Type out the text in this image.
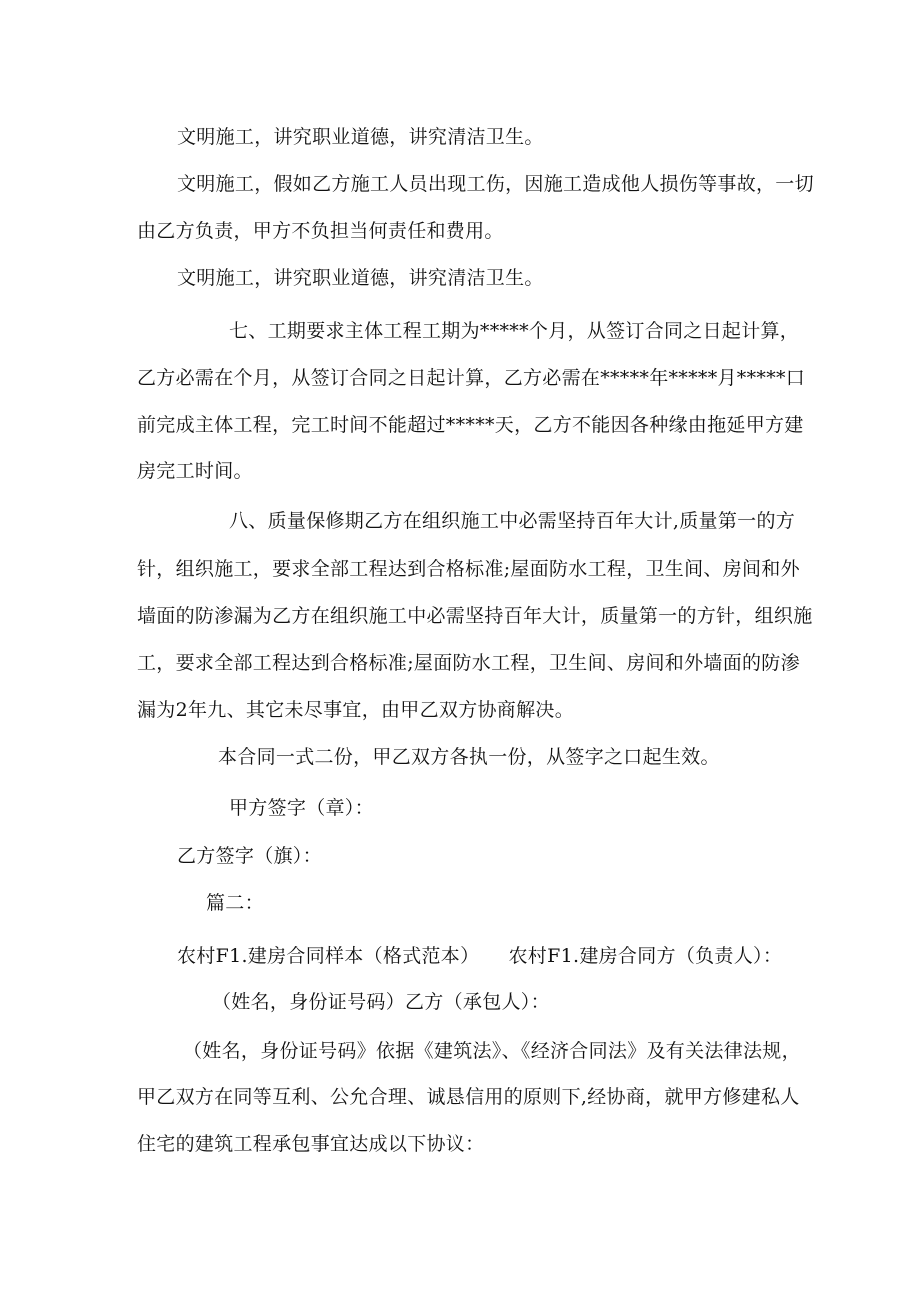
文明施工，讲究职业道德，讲究清洁卫生。
文明施工，假如乙方施工人员出现工伤，因施工造成他人损伤等事故，一切
由乙方负责，甲方不负担当何责任和费用。
文明施工，讲究职业道德，讲究清洁卫生。
七、工期要求主体工程工期为*****个月，从签订合同之日起计算，
乙方必需在个月，从签订合同之日起计算，乙方必需在*****年*****月*****口
前完成主体工程，完工时间不能超过*****天，乙方不能因各种缘由拖延甲方建
房完工时间。
八、质量保修期乙方在组织施工中必需坚持百年大计,质量第一的方
针，组织施工，要求全部工程达到合格标准;屋面防水工程，卫生间、房间和外
墙面的防渗漏为乙方在组织施工中必需坚持百年大计，质量第一的方针，组织施
工，要求全部工程达到合格标准;屋面防水工程，卫生间、房间和外墙面的防渗
漏为2年九、其它未尽事宜，由甲乙双方协商解决。
本合同一式二份，甲乙双方各执一份，从签字之口起生效。
甲方签字（章）：
乙方签字（旗）：
篇二：
农村F1.建房合同样本（格式范本）　　农村F1.建房合同方（负责人）：
（姓名，身份证号码）乙方（承包人）：
（姓名，身份证号码》依据《建筑法》、《经济合同法》及有关法律法规，
甲乙双方在同等互利、公允合理、诚恳信用的原则下,经协商，就甲方修建私人
住宅的建筑工程承包事宜达成以下协议：
